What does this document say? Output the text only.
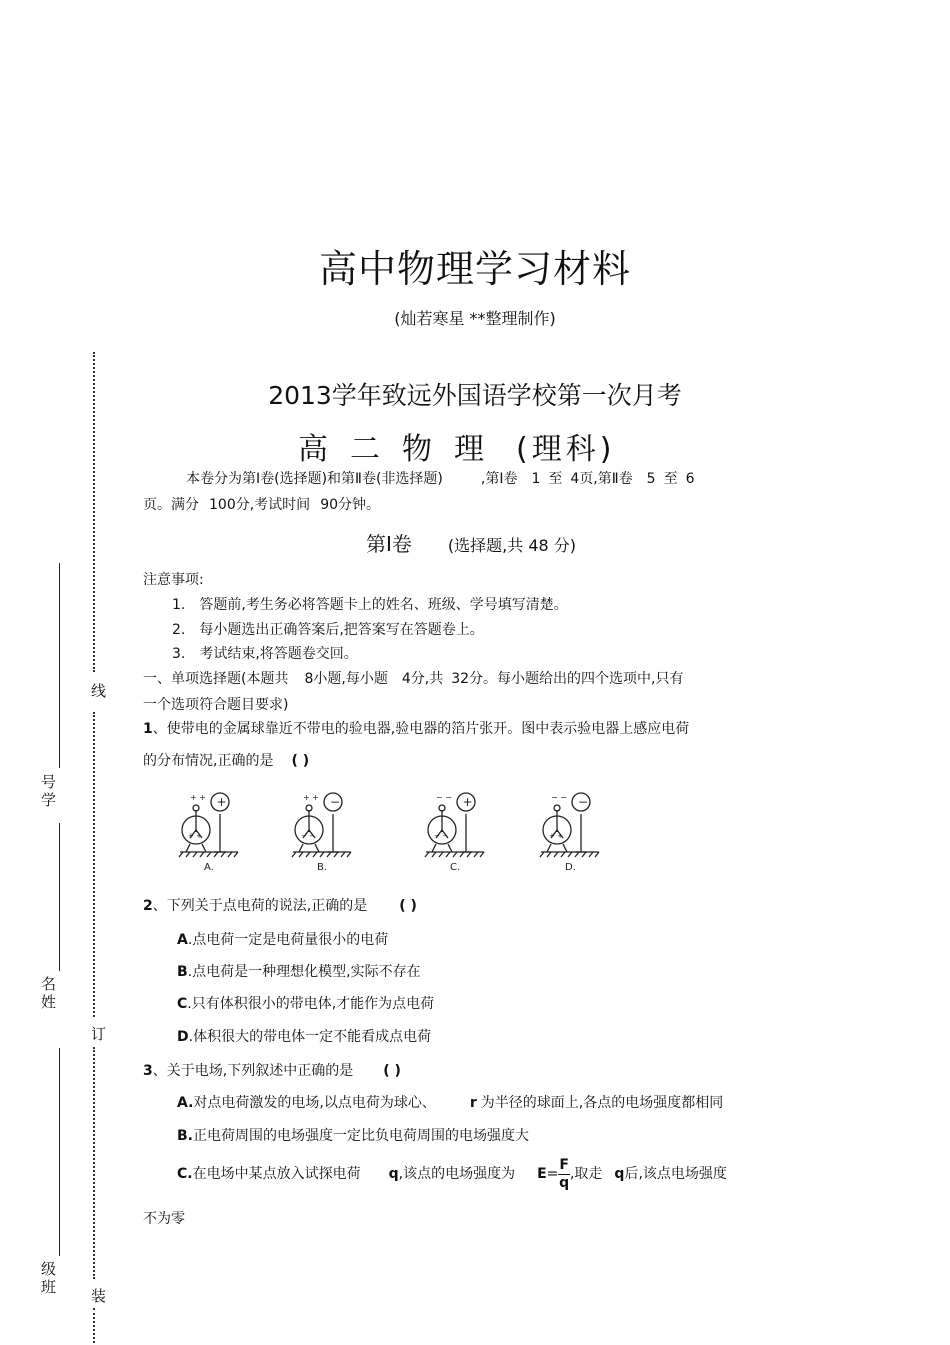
线
订
装
号
学
名
姓
级
班
高中物理学习材料
(灿若寒星 **整理制作)
2013学年致远外国语学校第一次月考
高二物理 (理科)
本卷分为第Ⅰ卷(选择题)和第Ⅱ卷(非选择题)	,第Ⅰ卷 1 至 4页,第Ⅱ卷 5 至 6
页。满分 100分,考试时间 90分钟。
第Ⅰ卷 (选择题,共 48 分)
注意事项:
1. 答题前,考生务必将答题卡上的姓名、班级、学号填写清楚。
2. 每小题选出正确答案后,把答案写在答题卷上。
3. 考试结束,将答题卷交回。
一、单项选择题(本题共 8小题,每小题 4分,共 32分。每小题给出的四个选项中,只有
一个选项符合题目要求)
1、使带电的金属球靠近不带电的验电器,验电器的箔片张开。图中表示验电器上感应电荷
的分布情况,正确的是 ( )
+
+ +
+ +
A.
−
+ +
− −
B.
+
− −
− −
C.
−
− −
+ +
D.
2、下列关于点电荷的说法,正确的是 ( )
A.点电荷一定是电荷量很小的电荷
B.点电荷是一种理想化模型,实际不存在
C.只有体积很小的带电体,才能作为点电荷
D.体积很大的带电体一定不能看成点电荷
3、关于电场,下列叙述中正确的是 ( )
A.对点电荷激发的电场,以点电荷为球心、 r 为半径的球面上,各点的电场强度都相同
B.正电荷周围的电场强度一定比负电荷周围的电场强度大
C.在电场中某点放入试探电荷 q,该点的电场强度为 $E= \frac{F}{q}$ ,取走 q后,该点电场强度
不为零
